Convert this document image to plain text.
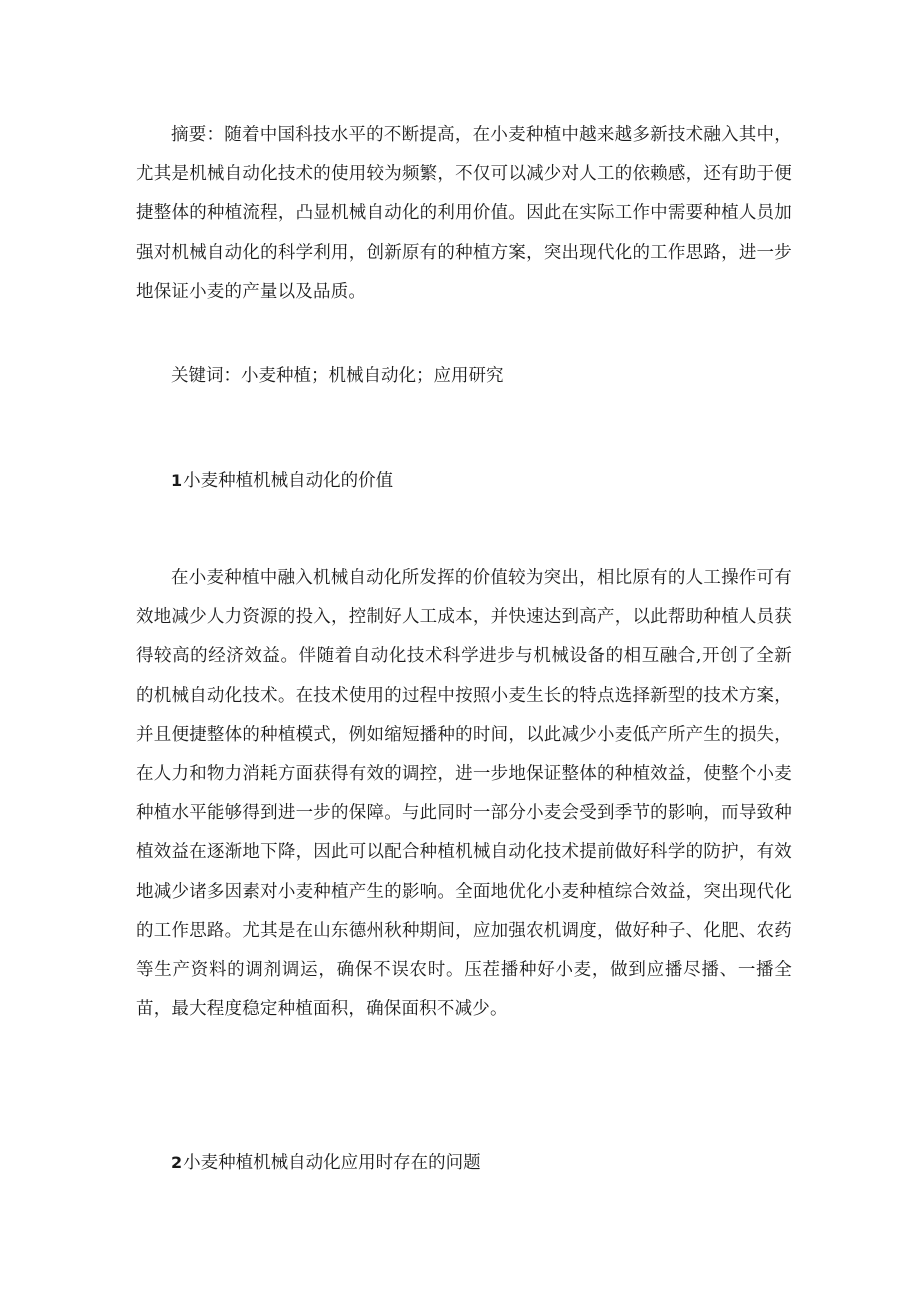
摘要：随着中国科技水平的不断提高，在小麦种植中越来越多新技术融入其中，尤其是机械自动化技术的使用较为频繁，不仅可以减少对人工的依赖感，还有助于便捷整体的种植流程，凸显机械自动化的利用价值。因此在实际工作中需要种植人员加强对机械自动化的科学利用，创新原有的种植方案，突出现代化的工作思路，进一步地保证小麦的产量以及品质。

关键词：小麦种植；机械自动化；应用研究

1小麦种植机械自动化的价值

在小麦种植中融入机械自动化所发挥的价值较为突出，相比原有的人工操作可有效地减少人力资源的投入，控制好人工成本，并快速达到高产，以此帮助种植人员获得较高的经济效益。伴随着自动化技术科学进步与机械设备的相互融合,开创了全新的机械自动化技术。在技术使用的过程中按照小麦生长的特点选择新型的技术方案，并且便捷整体的种植模式，例如缩短播种的时间，以此减少小麦低产所产生的损失，在人力和物力消耗方面获得有效的调控，进一步地保证整体的种植效益，使整个小麦种植水平能够得到进一步的保障。与此同时一部分小麦会受到季节的影响，而导致种植效益在逐渐地下降，因此可以配合种植机械自动化技术提前做好科学的防护，有效地减少诸多因素对小麦种植产生的影响。全面地优化小麦种植综合效益，突出现代化的工作思路。尤其是在山东德州秋种期间，应加强农机调度，做好种子、化肥、农药等生产资料的调剂调运，确保不误农时。压茬播种好小麦，做到应播尽播、一播全苗，最大程度稳定种植面积，确保面积不减少。

2小麦种植机械自动化应用时存在的问题
